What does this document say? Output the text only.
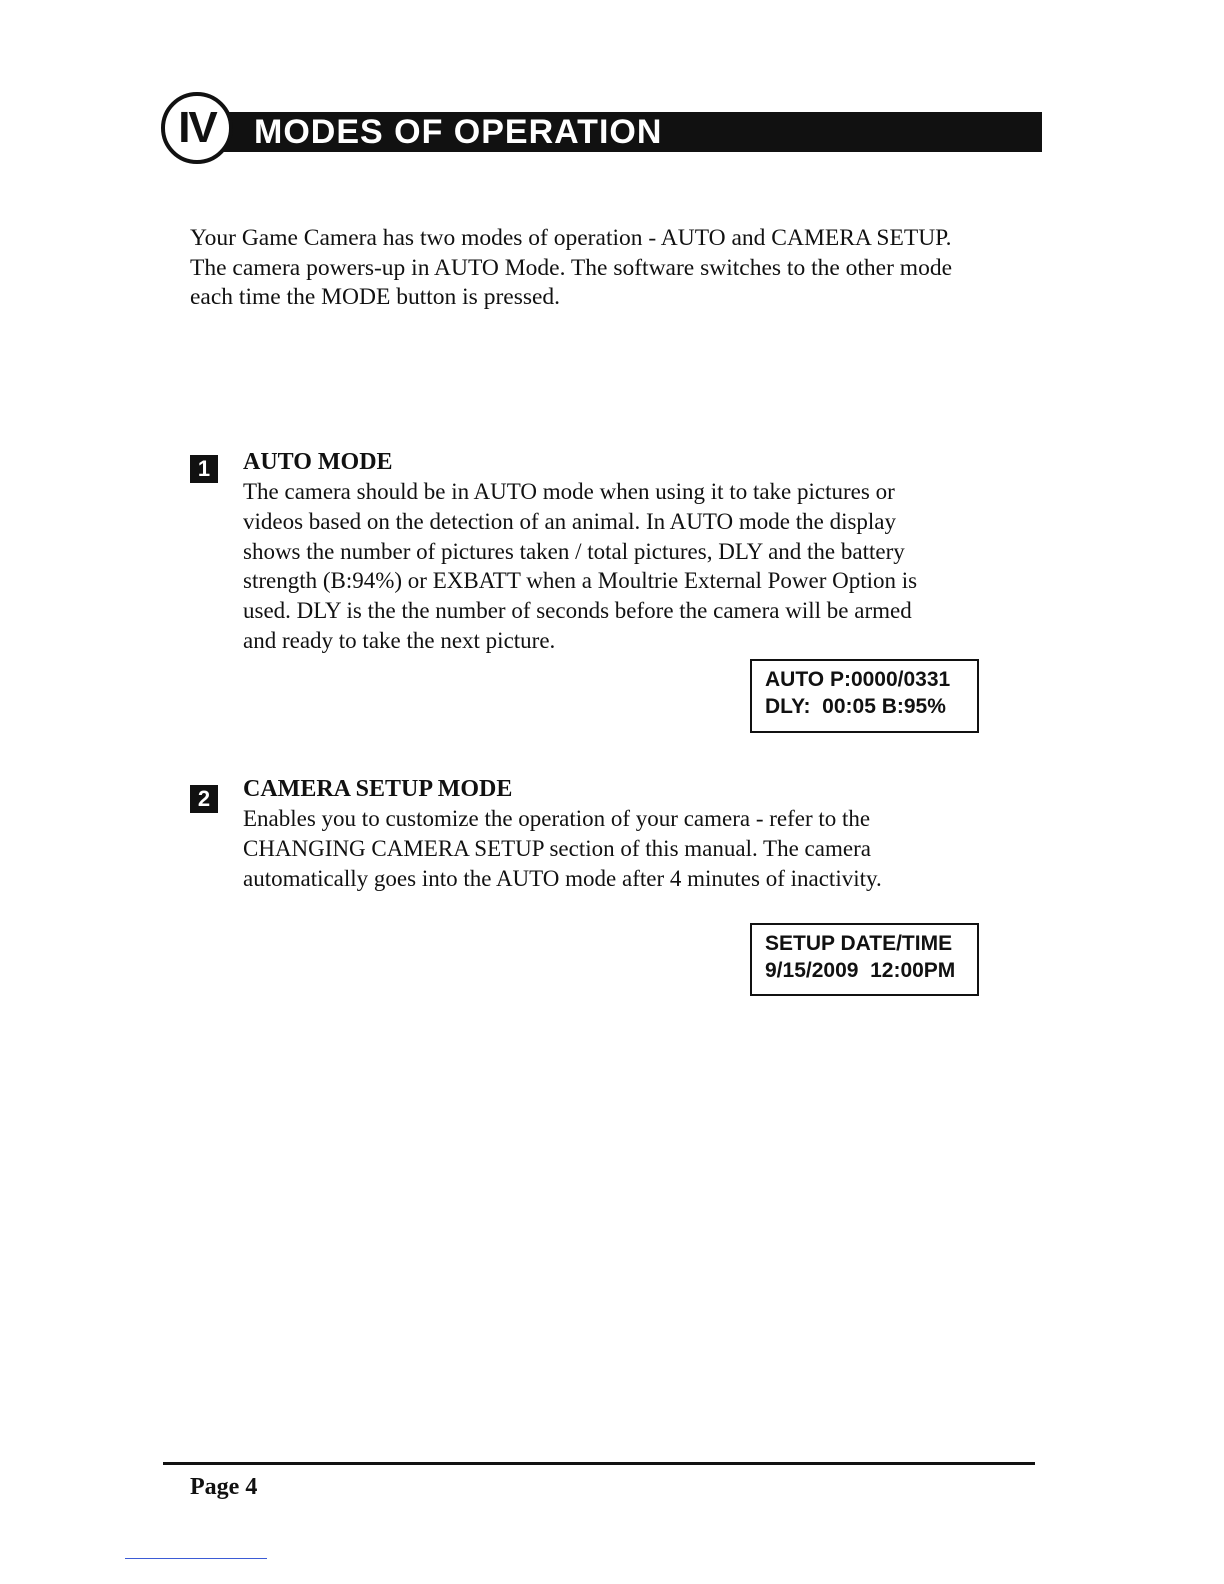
IV	MODES OF OPERATION

Your Game Camera has two modes of operation - AUTO and CAMERA SETUP.

The camera powers-up in AUTO Mode. The software switches to the other mode

each time the MODE button is pressed.

1	AUTO MODE

The camera should be in AUTO mode when using it to take pictures or

videos based on the detection of an animal. In AUTO mode the display

shows the number of pictures taken / total pictures, DLY and the battery

strength (B:94%) or EXBATT when a Moultrie External Power Option is

used. DLY is the the number of seconds before the camera will be armed

and ready to take the next picture.

AUTO P:0000/0331
DLY:  00:05 B:95%
2	CAMERA SETUP MODE

Enables you to customize the operation of your camera - refer to the

CHANGING CAMERA SETUP section of this manual. The camera

automatically goes into the AUTO mode after 4 minutes of inactivity.

SETUP DATE/TIME
9/15/2009  12:00PM
Page 4
